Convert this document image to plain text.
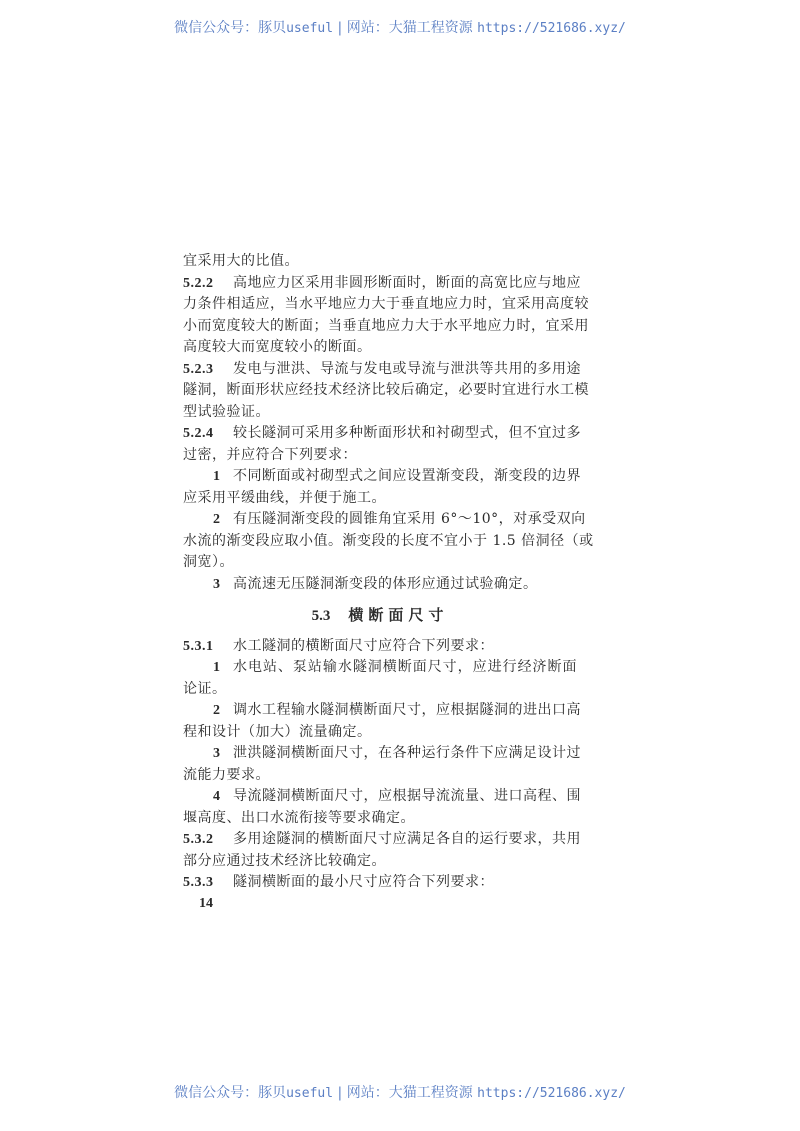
微信公众号：豚贝useful | 网站：大猫工程资源 https://521686.xyz/
宜采用大的比值。
5.2.2	高地应力区采用非圆形断面时，断面的高宽比应与地应
力条件相适应，当水平地应力大于垂直地应力时，宜采用高度较
小而宽度较大的断面；当垂直地应力大于水平地应力时，宜采用
高度较大而宽度较小的断面。
5.2.3	发电与泄洪、导流与发电或导流与泄洪等共用的多用途
隧洞，断面形状应经技术经济比较后确定，必要时宜进行水工模
型试验验证。
5.2.4	较长隧洞可采用多种断面形状和衬砌型式，但不宜过多
过密，并应符合下列要求：
1 不同断面或衬砌型式之间应设置渐变段，渐变段的边界
应采用平缓曲线，并便于施工。
2 有压隧洞渐变段的圆锥角宜采用 6°～10°，对承受双向
水流的渐变段应取小值。渐变段的长度不宜小于 1.5 倍洞径（或
洞宽）。
3 高流速无压隧洞渐变段的体形应通过试验确定。
5.3 横断面尺寸
5.3.1	水工隧洞的横断面尺寸应符合下列要求：
1 水电站、泵站输水隧洞横断面尺寸，应进行经济断面
论证。
2 调水工程输水隧洞横断面尺寸，应根据隧洞的进出口高
程和设计（加大）流量确定。
3 泄洪隧洞横断面尺寸，在各种运行条件下应满足设计过
流能力要求。
4 导流隧洞横断面尺寸，应根据导流流量、进口高程、围
堰高度、出口水流衔接等要求确定。
5.3.2	多用途隧洞的横断面尺寸应满足各自的运行要求，共用
部分应通过技术经济比较确定。
5.3.3	隧洞横断面的最小尺寸应符合下列要求：
14
微信公众号：豚贝useful | 网站：大猫工程资源 https://521686.xyz/
